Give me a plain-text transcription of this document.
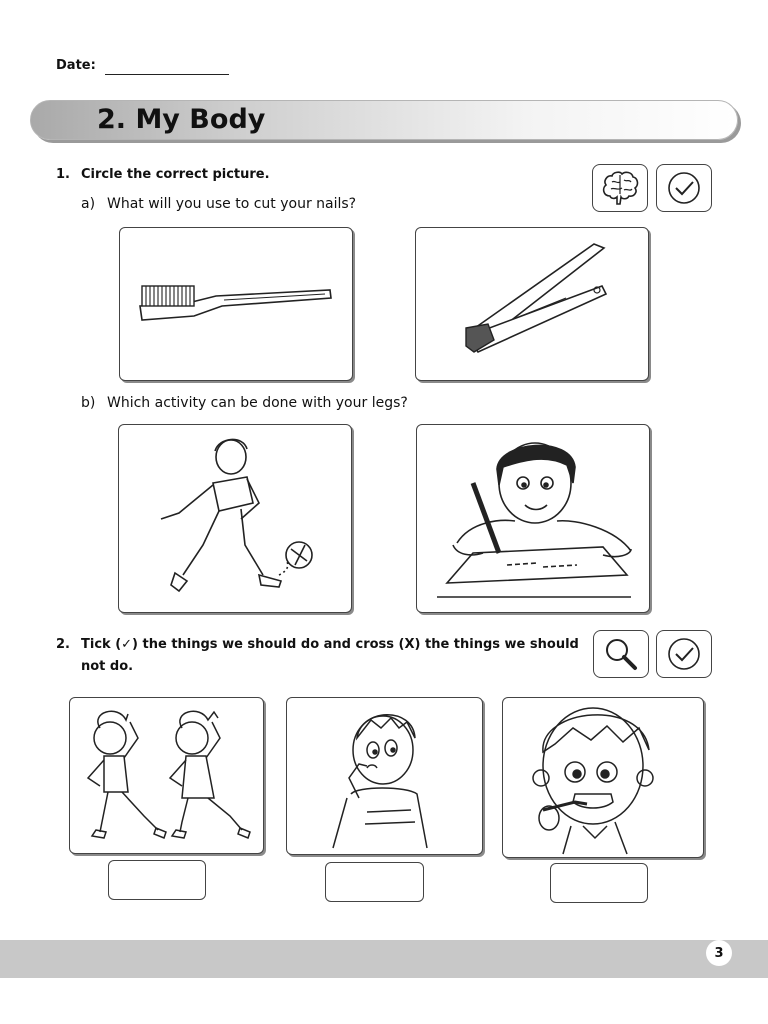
Date:
2. My Body
1. Circle the correct picture.
a) What will you use to cut your nails?
b) Which activity can be done with your legs?
2. Tick (✓) the things we should do and cross (X) the things we should
not do.
3
